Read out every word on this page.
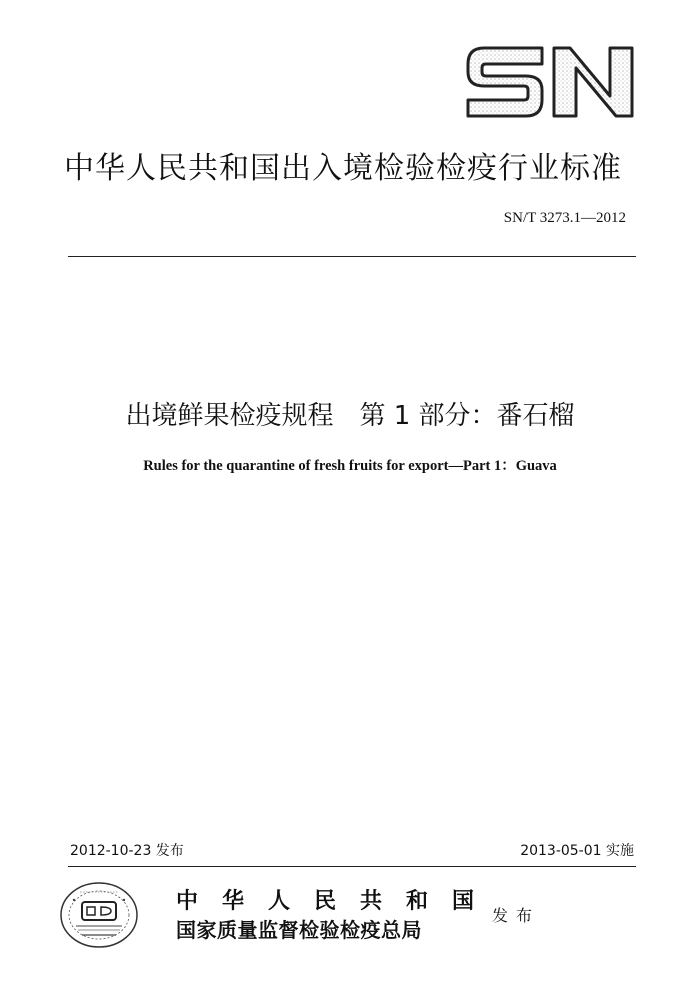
中华人民共和国出入境检验检疫行业标准
SN/T 3273.1—2012
出境鲜果检疫规程　第 1 部分：番石榴
Rules for the quarantine of fresh fruits for export—Part 1：Guava
2012-10-23 发布	2013-05-01 实施
中华人民共和国
国家质量监督检验检疫总局
发布
